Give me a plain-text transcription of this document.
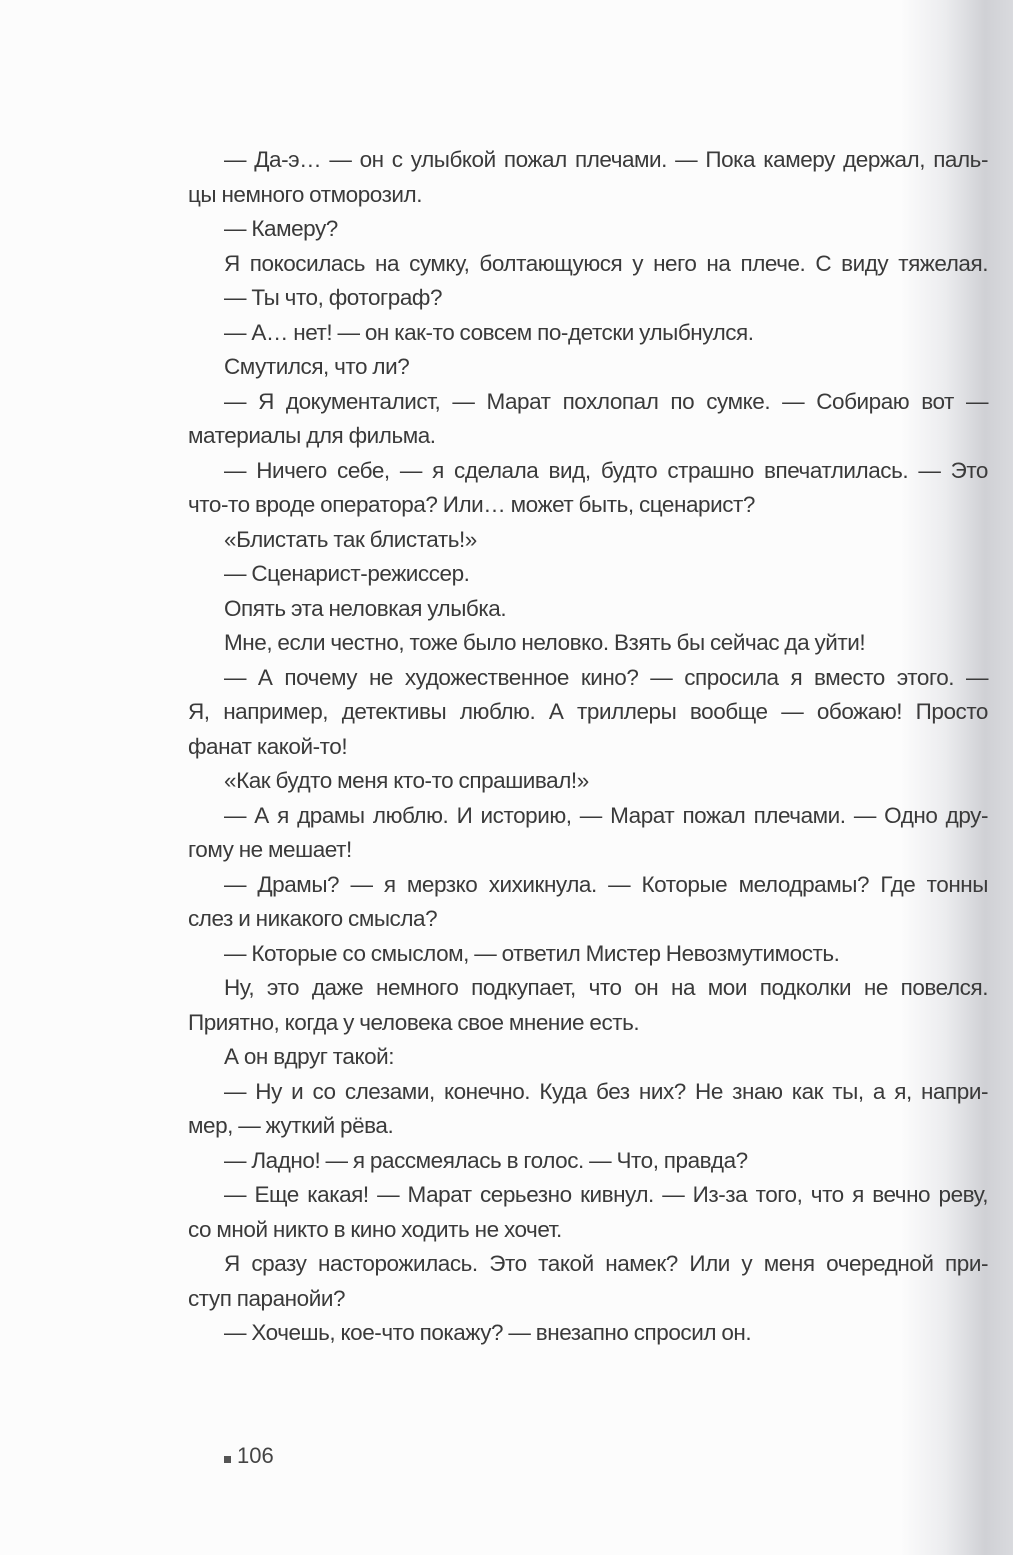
— Да-э… — он с улыбкой пожал плечами. — Пока камеру держал, паль-
цы немного отморозил.
— Камеру?
Я покосилась на сумку, болтающуюся у него на плече. С виду тяжелая.
— Ты что, фотограф?
— А… нет! — он как-то совсем по-детски улыбнулся.
Смутился, что ли?
— Я документалист, — Марат похлопал по сумке. — Собираю вот —
материалы для фильма.
— Ничего себе, — я сделала вид, будто страшно впечатлилась. — Это
что-то вроде оператора? Или… может быть, сценарист?
«Блистать так блистать!»
— Сценарист-режиссер.
Опять эта неловкая улыбка.
Мне, если честно, тоже было неловко. Взять бы сейчас да уйти!
— А почему не художественное кино? — спросила я вместо этого. —
Я, например, детективы люблю. А триллеры вообще — обожаю! Просто
фанат какой-то!
«Как будто меня кто-то спрашивал!»
— А я драмы люблю. И историю, — Марат пожал плечами. — Одно дру-
гому не мешает!
— Драмы? — я мерзко хихикнула. — Которые мелодрамы? Где тонны
слез и никакого смысла?
— Которые со смыслом, — ответил Мистер Невозмутимость.
Ну, это даже немного подкупает, что он на мои подколки не повелся.
Приятно, когда у человека свое мнение есть.
А он вдруг такой:
— Ну и со слезами, конечно. Куда без них? Не знаю как ты, а я, напри-
мер, — жуткий рёва.
— Ладно! — я рассмеялась в голос. — Что, правда?
— Еще какая! — Марат серьезно кивнул. — Из-за того, что я вечно реву,
со мной никто в кино ходить не хочет.
Я сразу насторожилась. Это такой намек? Или у меня очередной при-
ступ паранойи?
— Хочешь, кое-что покажу? — внезапно спросил он.
106
